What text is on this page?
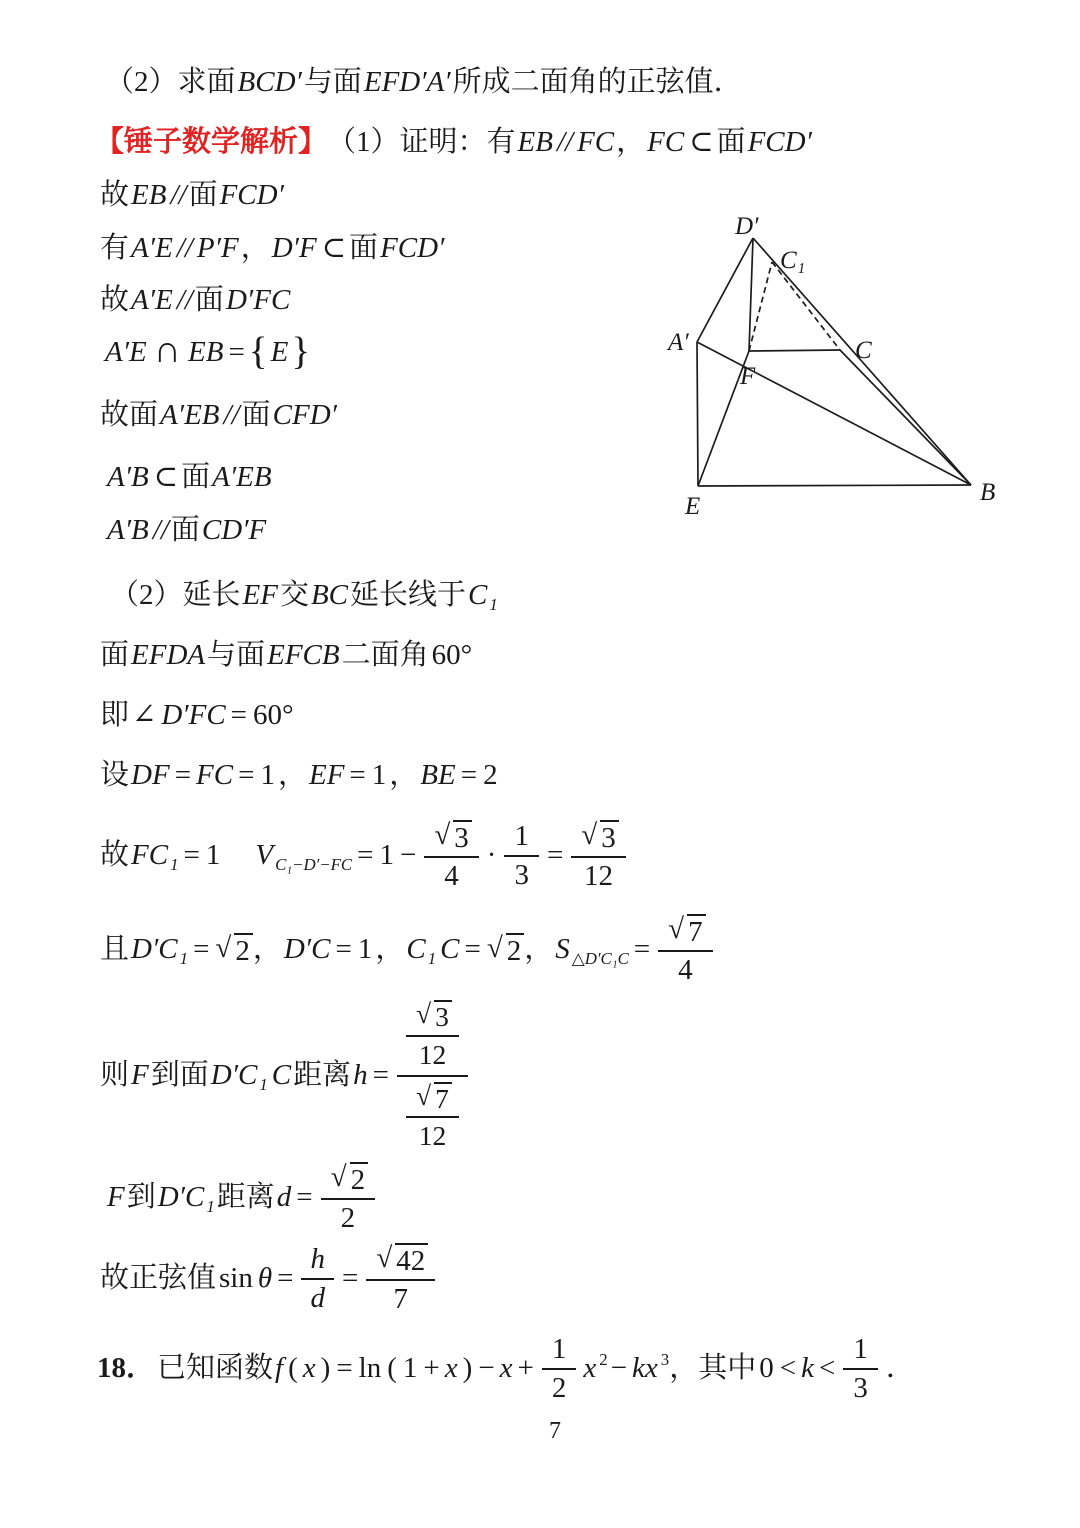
（2）求面 BCD′ 与面 EFD′A′ 所成二面角的正弦值．
【锤子数学解析】 （1）证明：有 EB // FC ， FC ⊂ 面 FCD′
故 EB // 面 FCD′
有 A′E // P′F ， D′F ⊂ 面 FCD′
故 A′E // 面 D′FC
A′E ∩ EB = { E }
故面 A′EB // 面 CFD′
A′B ⊂ 面 A′EB
A′B // 面 CD′F
（2）延长 EF 交 BC 延长线于 C 1
面 EFDA 与面 EFCB 二面角 60°
即 ∠ D′FC = 60°
设 DF = FC = 1 ， EF = 1 ， BE = 2
故 FC 1 = 1 V $C_1-D'-FC = 1 - \frac{√ 3}{4} \cdot \frac{1}{3} = \frac{√ 3}{12}$
且 D′C 1 = √ 2 ， D′C = 1 ， C 1 C = √ 2 ， S △D′C₁C = $\frac{√ 7}{4}$
则 F 到面 D′C 1 C 距离 $h = \frac{\frac{√ 3}{12}}{\frac{√ 7}{12}}$
F 到 D′C 1 距离 $d = \frac{√ 2}{2}$
故正弦值 $\sin \theta = \frac{h}{d} = \frac{√ 42}{7}$
18． 已知函数 f ( x ) = ln ( 1 + x ) − $x + \frac{1}{2}$ x 2 − kx 3 ，其中 $0 < k < \frac{1}{3}$ ．
7
D′
C₁
A′	C
F
E
B
